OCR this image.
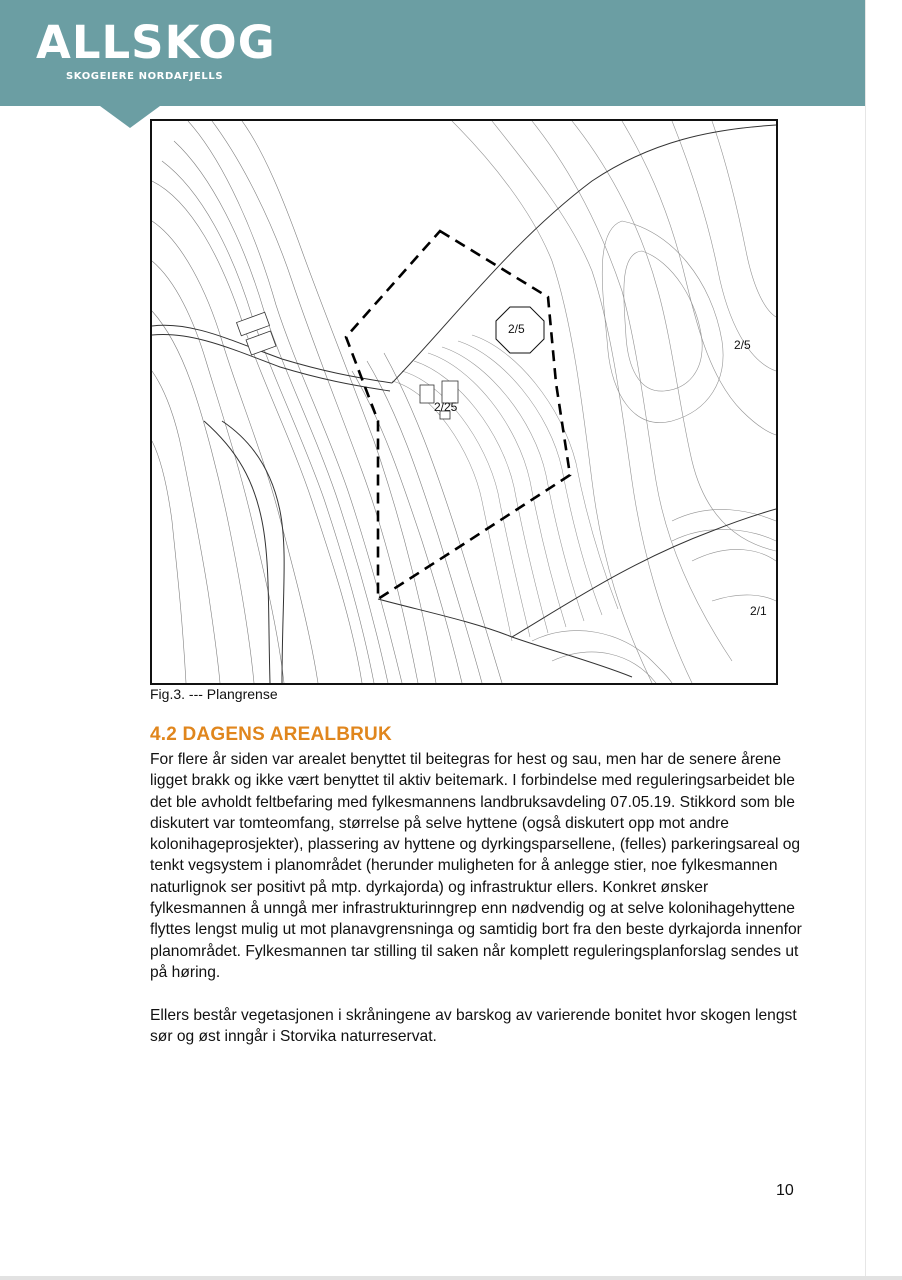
ALLSKOG
SKOGEIERE NORDAFJELLS
2/5
2/25
2/5
2/1
Fig.3. --- Plangrense
4.2 DAGENS AREALBRUK

For flere år siden var arealet benyttet til beitegras for hest og sau, men har de senere årene ligget brakk og ikke vært benyttet til aktiv beitemark. I forbindelse med reguleringsarbeidet ble det ble avholdt feltbefaring med fylkesmannens landbruksavdeling 07.05.19. Stikkord som ble diskutert var tomteomfang, størrelse på selve hyttene (også diskutert opp mot andre kolonihageprosjekter), plassering av hyttene og dyrkingsparsellene, (felles) parkeringsareal og tenkt vegsystem i planområdet (herunder muligheten for å anlegge stier, noe fylkesmannen naturlignok ser positivt på mtp. dyrkajorda) og infrastruktur ellers. Konkret ønsker fylkesmannen å unngå mer infrastrukturinngrep enn nødvendig og at selve kolonihagehyttene flyttes lengst mulig ut mot planavgrensninga og samtidig bort fra den beste dyrkajorda innenfor planområdet. Fylkesmannen tar stilling til saken når komplett reguleringsplanforslag sendes ut på høring.

Ellers består vegetasjonen i skråningene av barskog av varierende bonitet hvor skogen lengst sør og øst inngår i Storvika naturreservat.

10
